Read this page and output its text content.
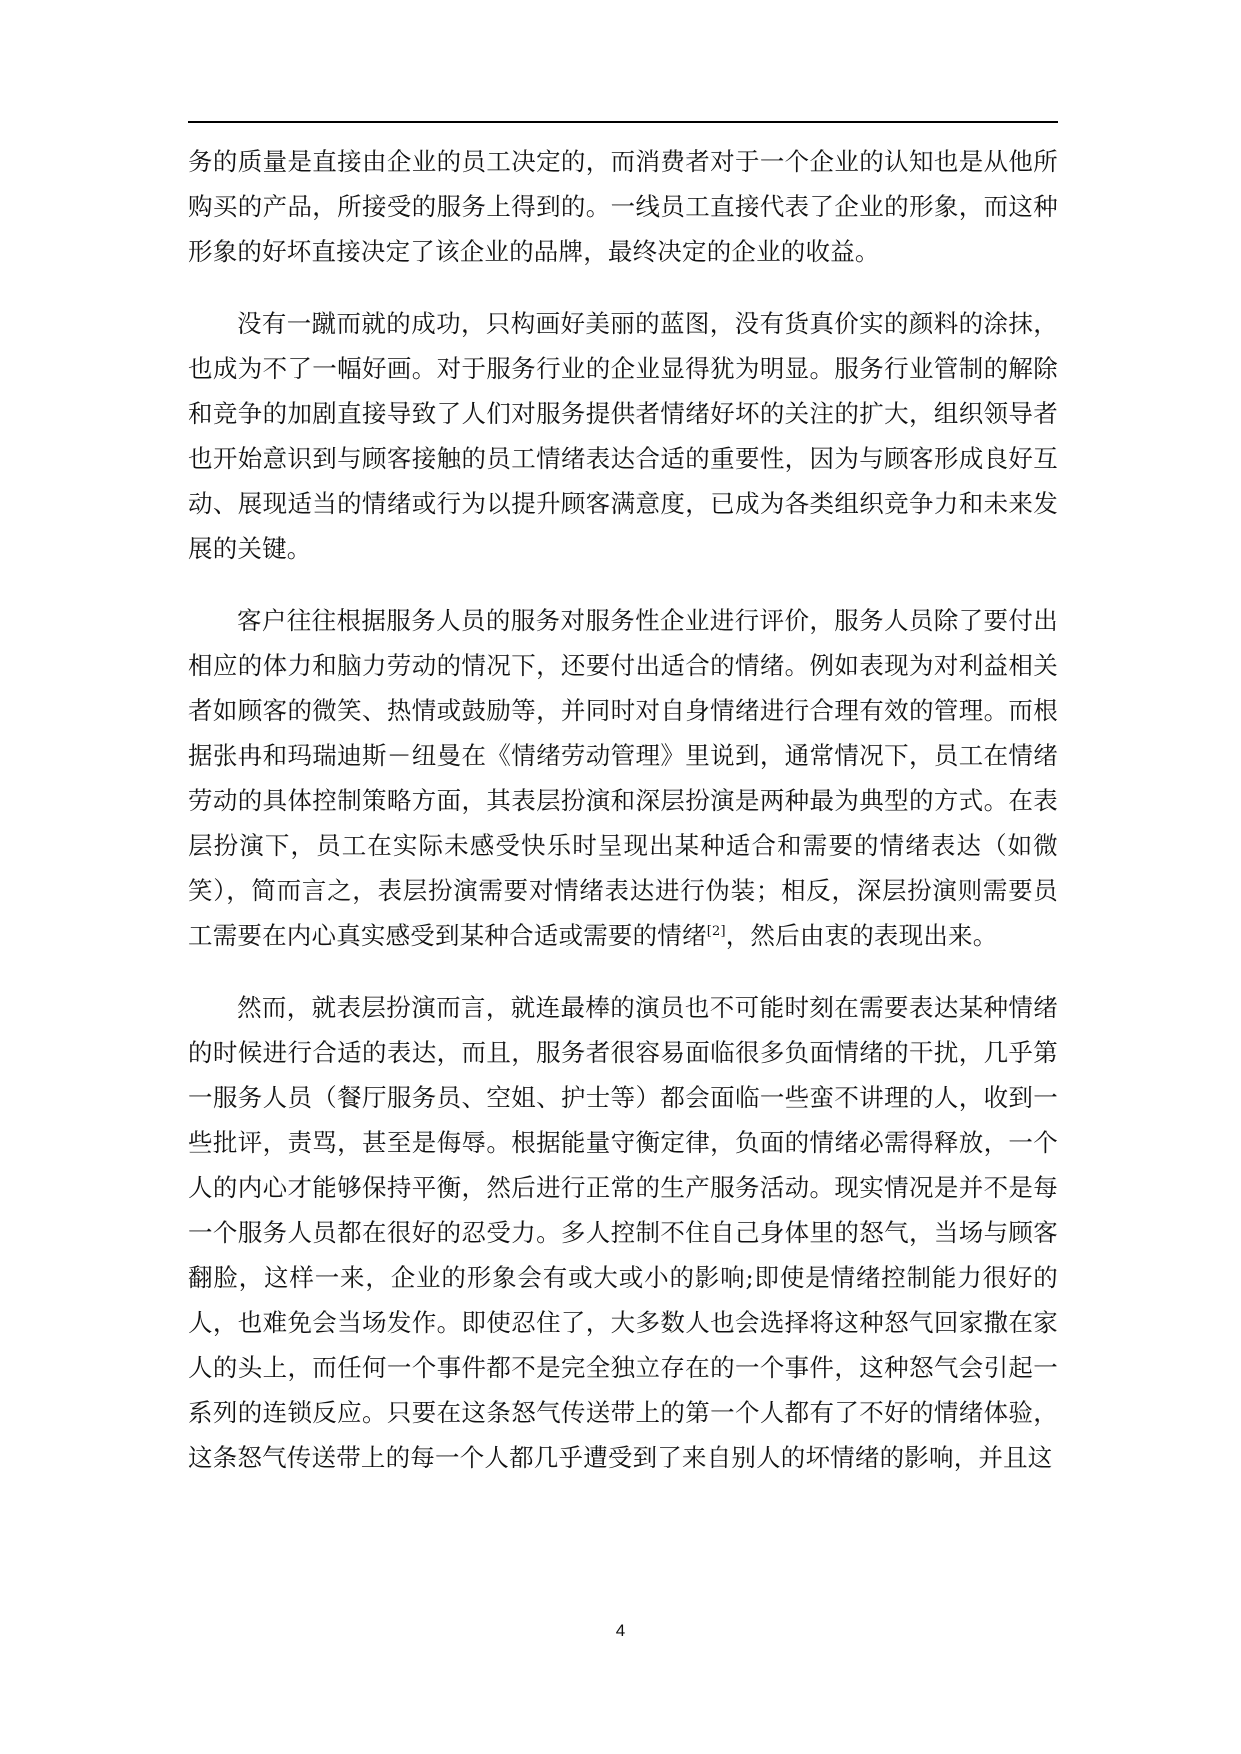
务的质量是直接由企业的员工决定的，而消费者对于一个企业的认知也是从他所购买的产品，所接受的服务上得到的。一线员工直接代表了企业的形象，而这种形象的好坏直接决定了该企业的品牌，最终决定的企业的收益。

没有一蹴而就的成功，只构画好美丽的蓝图，没有货真价实的颜料的涂抹，也成为不了一幅好画。对于服务行业的企业显得犹为明显。服务行业管制的解除和竞争的加剧直接导致了人们对服务提供者情绪好坏的关注的扩大，组织领导者也开始意识到与顾客接触的员工情绪表达合适的重要性，因为与顾客形成良好互动、展现适当的情绪或行为以提升顾客满意度，已成为各类组织竞争力和未来发展的关键。

客户往往根据服务人员的服务对服务性企业进行评价，服务人员除了要付出相应的体力和脑力劳动的情况下，还要付出适合的情绪。例如表现为对利益相关者如顾客的微笑、热情或鼓励等，并同时对自身情绪进行合理有效的管理。而根据张冉和玛瑞迪斯－纽曼在《情绪劳动管理》里说到，通常情况下，员工在情绪劳动的具体控制策略方面，其表层扮演和深层扮演是两种最为典型的方式。在表层扮演下，员工在实际未感受快乐时呈现出某种适合和需要的情绪表达（如微笑），简而言之，表层扮演需要对情绪表达进行伪装；相反，深层扮演则需要员工需要在内心真实感受到某种合适或需要的情绪[2]，然后由衷的表现出来。

然而，就表层扮演而言，就连最棒的演员也不可能时刻在需要表达某种情绪的时候进行合适的表达，而且，服务者很容易面临很多负面情绪的干扰，几乎第一服务人员（餐厅服务员、空姐、护士等）都会面临一些蛮不讲理的人，收到一些批评，责骂，甚至是侮辱。根据能量守衡定律，负面的情绪必需得释放，一个人的内心才能够保持平衡，然后进行正常的生产服务活动。现实情况是并不是每一个服务人员都在很好的忍受力。多人控制不住自己身体里的怒气，当场与顾客翻脸，这样一来，企业的形象会有或大或小的影响;即使是情绪控制能力很好的人，也难免会当场发作。即使忍住了，大多数人也会选择将这种怒气回家撒在家人的头上，而任何一个事件都不是完全独立存在的一个事件，这种怒气会引起一系列的连锁反应。只要在这条怒气传送带上的第一个人都有了不好的情绪体验，这条怒气传送带上的每一个人都几乎遭受到了来自别人的坏情绪的影响，并且这

4
